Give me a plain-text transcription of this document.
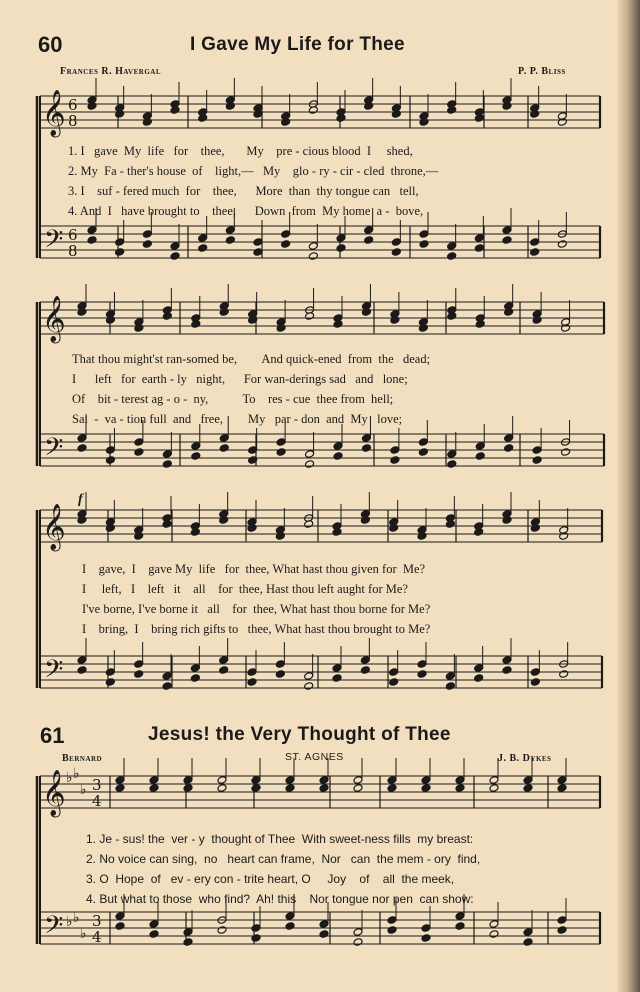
60	I Gave My Life for Thee
Frances R. Havergal	P. P. Bliss
𝄞
𝄢
6
8
6
8
𝄞
𝄢
𝄞
𝄢
𝄞
𝄢
♭
♭
♭
♭
♭
♭
3
4
3
4
1. I   gave  My  life   for    thee,       My    pre - cious blood  I     shed,
2. My  Fa - ther's house  of    light,—   My    glo - ry - cir - cled  throne,—
3. I    suf - fered much  for    thee,      More  than  thy tongue can   tell,
4. And  I   have brought to    thee,      Down  from  My home  a -  bove,
That thou might'st ran-somed be,        And quick-ened  from  the   dead;
I      left   for  earth - ly   night,      For wan-derings sad   and   lone;
Of    bit - terest ag - o -  ny,           To    res - cue  thee from  hell;
Sal  -  va - tion full  and   free,        My   par - don  and  My   love;
f
I    gave,  I    gave My  life   for  thee, What hast thou given for  Me?
I     left,   I    left   it    all    for  thee, Hast thou left aught for Me?
I've borne, I've borne it   all    for  thee, What hast thou borne for Me?
I    bring,  I    bring rich gifts to   thee, What hast thou brought to Me?
61	Jesus! the Very Thought of Thee
Bernard	ST. AGNES	J. B. Dykes
1. Je - sus! the  ver - y  thought of Thee  With sweet-ness fills  my breast:
2. No voice can sing,  no   heart can frame,  Nor   can  the mem - ory  find,
3. O  Hope  of   ev - ery con - trite heart, O     Joy    of    all  the meek,
4. But what to those  who find?  Ah! this    Nor tongue nor pen  can show:
